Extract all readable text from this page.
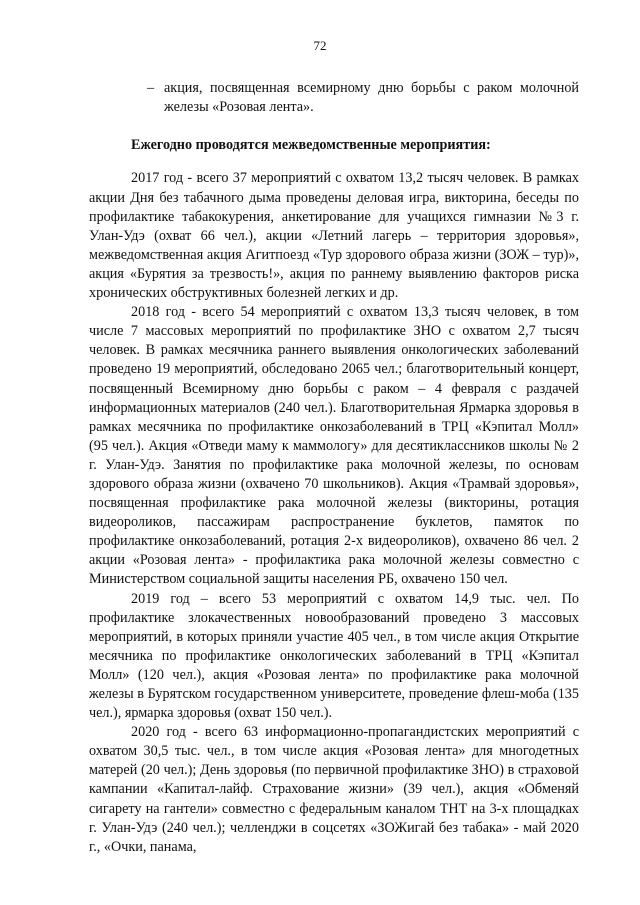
72
– акция, посвященная всемирному дню борьбы с раком молочной железы «Розовая лента».

Ежегодно проводятся межведомственные мероприятия:

2017 год - всего 37 мероприятий с охватом 13,2 тысяч человек. В рамках акции Дня без табачного дыма проведены деловая игра, викторина, беседы по профилактике табакокурения, анкетирование для учащихся гимназии №3 г. Улан-Удэ (охват 66 чел.), акции «Летний лагерь – территория здоровья», межведомственная акция Агитпоезд «Тур здорового образа жизни (ЗОЖ – тур)», акция «Бурятия за трезвость!», акция по раннему выявлению факторов риска хронических обструктивных болезней легких и др.

2018 год - всего 54 мероприятий с охватом 13,3 тысяч человек, в том числе 7 массовых мероприятий по профилактике ЗНО с охватом 2,7 тысяч человек. В рамках месячника раннего выявления онкологических заболеваний проведено 19 мероприятий, обследовано 2065 чел.; благотворительный концерт, посвященный Всемирному дню борьбы с раком – 4 февраля с раздачей информационных материалов (240 чел.). Благотворительная Ярмарка здоровья в рамках месячника по профилактике онкозаболеваний в ТРЦ «Кэпитал Молл» (95 чел.). Акция «Отведи маму к маммологу» для десятиклассников школы № 2 г. Улан-Удэ. Занятия по профилактике рака молочной железы, по основам здорового образа жизни (охвачено 70 школьников). Акция «Трамвай здоровья», посвященная профилактике рака молочной железы (викторины, ротация видеороликов, пассажирам распространение буклетов, памяток по профилактике онкозаболеваний, ротация 2-х видеороликов), охвачено 86 чел. 2 акции «Розовая лента» - профилактика рака молочной железы совместно с Министерством социальной защиты населения РБ, охвачено 150 чел.

2019 год – всего 53 мероприятий с охватом 14,9 тыс. чел. По профилактике злокачественных новообразований проведено 3 массовых мероприятий, в которых приняли участие 405 чел., в том числе акция Открытие месячника по профилактике онкологических заболеваний в ТРЦ «Кэпитал Молл» (120 чел.), акция «Розовая лента» по профилактике рака молочной железы в Бурятском государственном университете, проведение флеш-моба (135 чел.), ярмарка здоровья (охват 150 чел.).

2020 год - всего 63 информационно-пропагандистских мероприятий с охватом 30,5 тыс. чел., в том числе акция «Розовая лента» для многодетных матерей (20 чел.); День здоровья (по первичной профилактике ЗНО) в страховой кампании «Капитал-лайф. Страхование жизни» (39 чел.), акция «Обменяй сигарету на гантели» совместно с федеральным каналом ТНТ на 3-х площадках г. Улан-Удэ (240 чел.); челленджи в соцсетях «ЗОЖигай без табака» - май 2020 г., «Очки, панама,
